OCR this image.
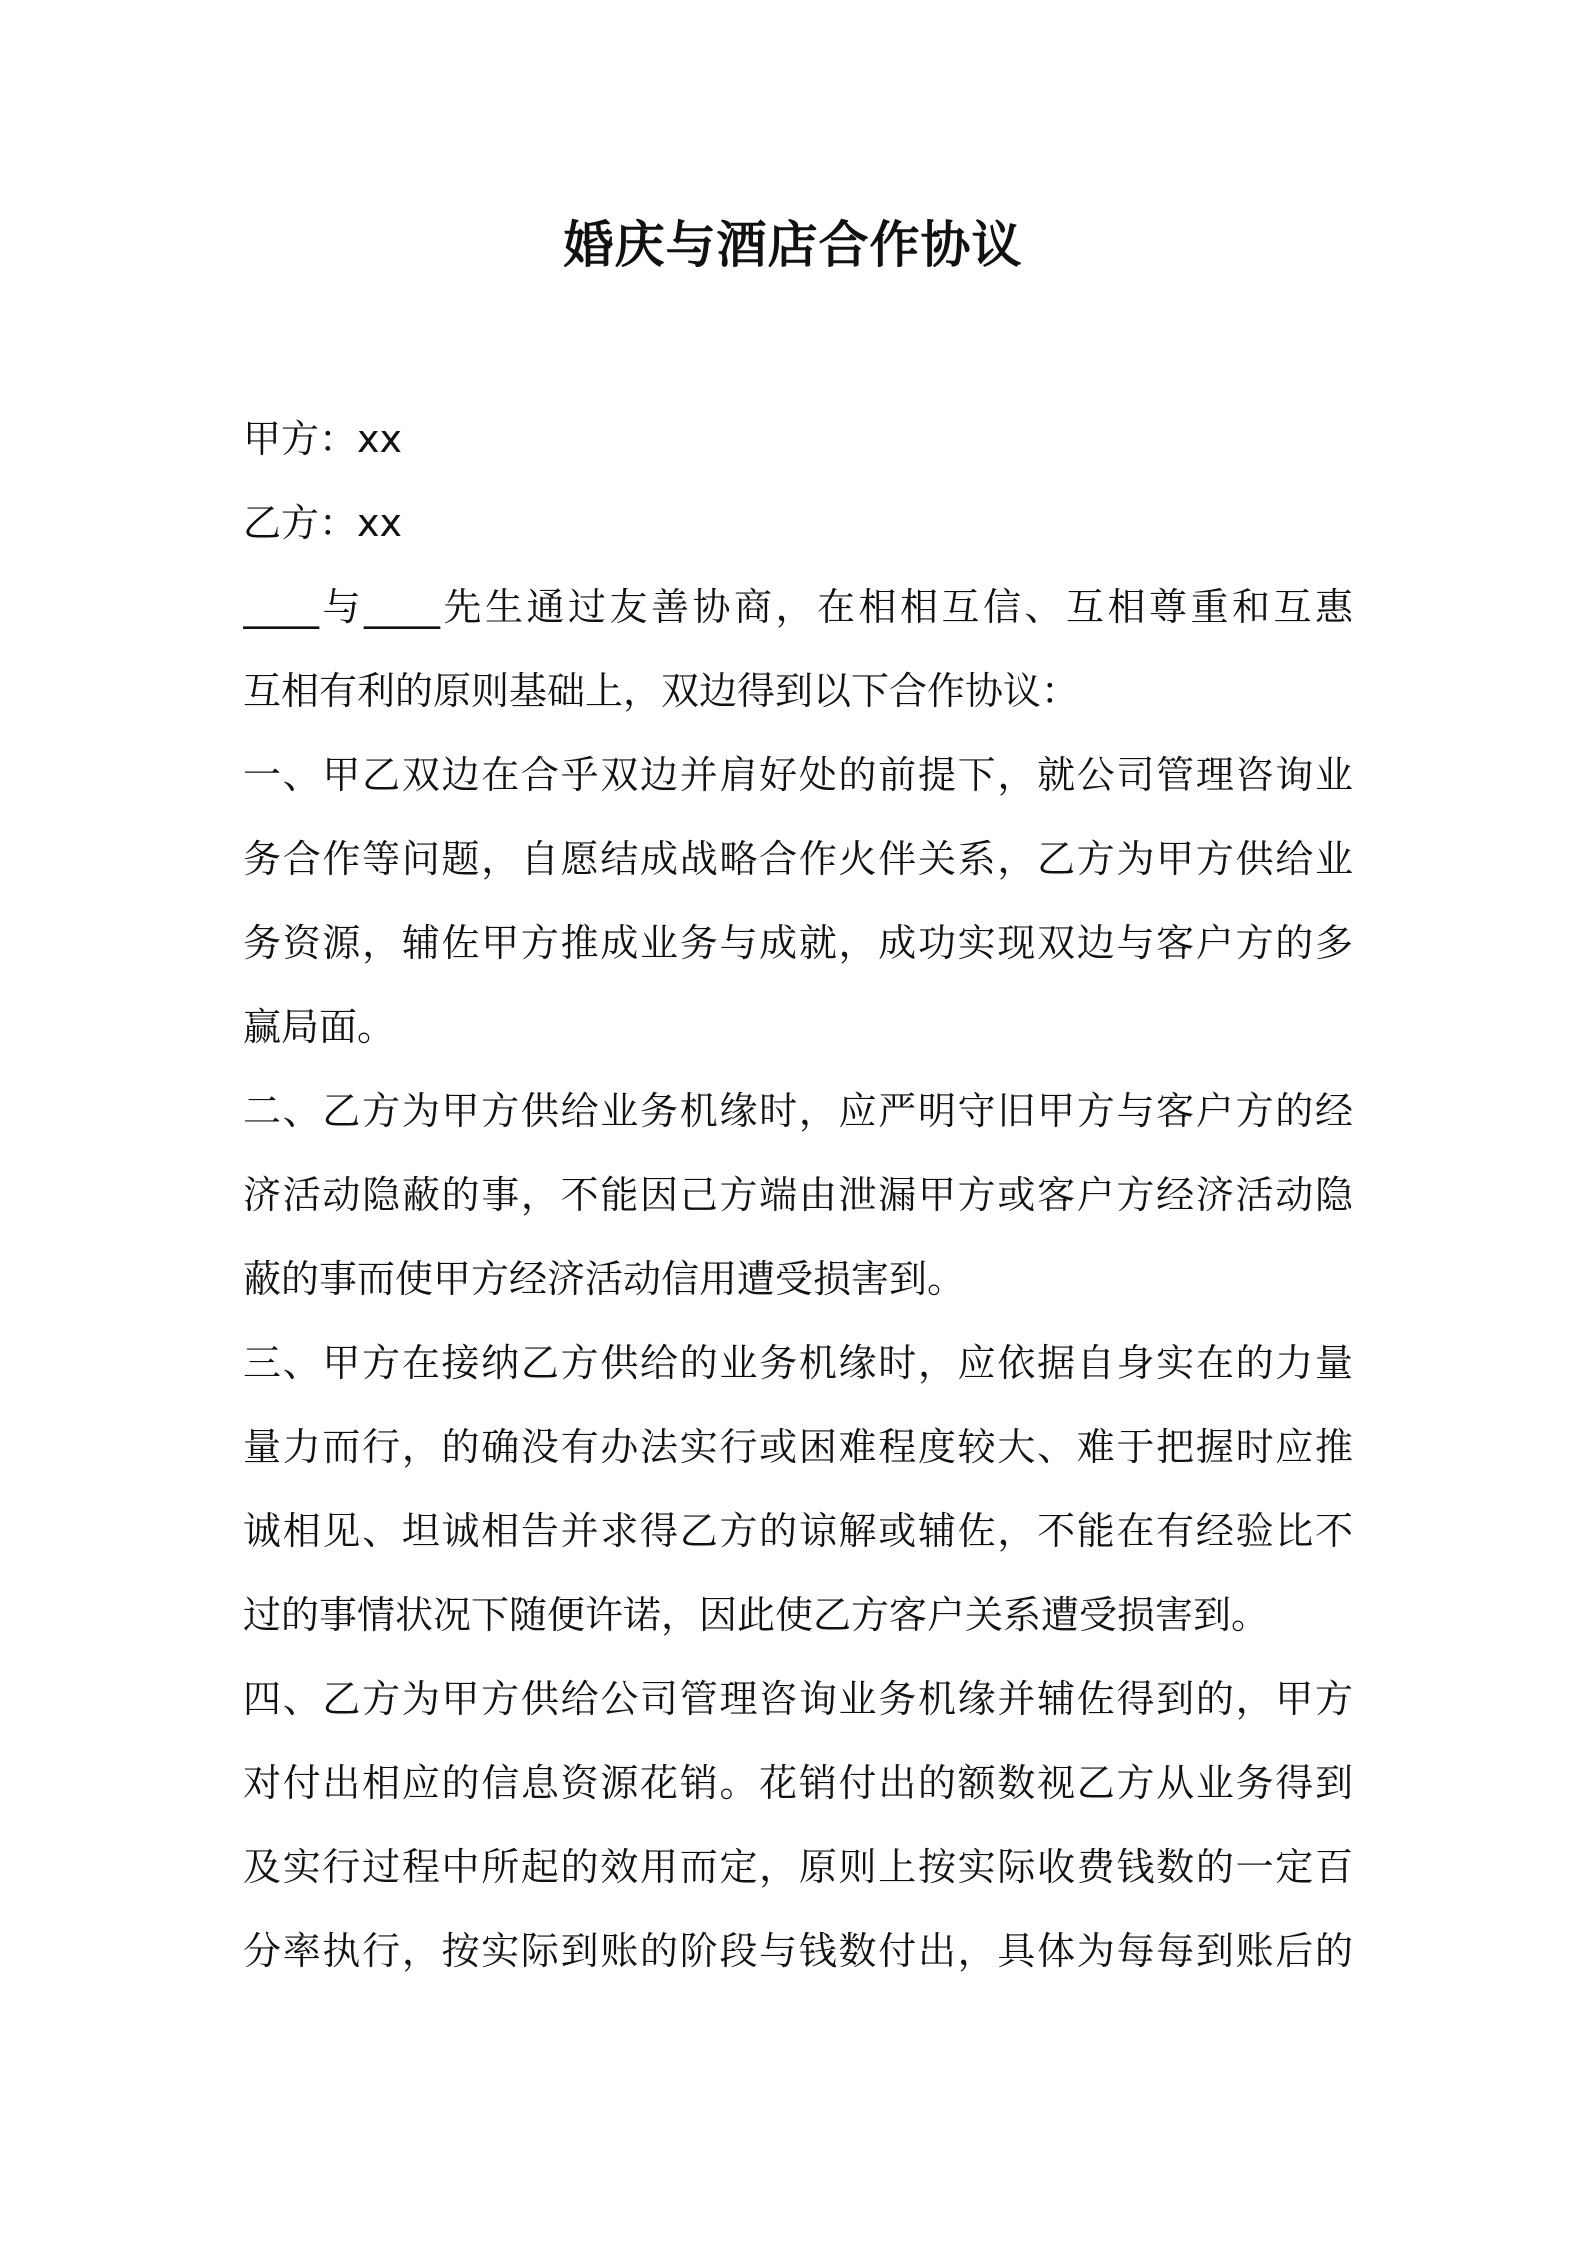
婚庆与酒店合作协议
甲方：xx
乙方：xx
____与____先生通过友善协商，在相相互信、互相尊重和互惠
互相有利的原则基础上，双边得到以下合作协议：
一、甲乙双边在合乎双边并肩好处的前提下，就公司管理咨询业
务合作等问题，自愿结成战略合作火伴关系，乙方为甲方供给业
务资源，辅佐甲方推成业务与成就，成功实现双边与客户方的多
赢局面。
二、乙方为甲方供给业务机缘时，应严明守旧甲方与客户方的经
济活动隐蔽的事，不能因己方端由泄漏甲方或客户方经济活动隐
蔽的事而使甲方经济活动信用遭受损害到。
三、甲方在接纳乙方供给的业务机缘时，应依据自身实在的力量
量力而行，的确没有办法实行或困难程度较大、难于把握时应推
诚相见、坦诚相告并求得乙方的谅解或辅佐，不能在有经验比不
过的事情状况下随便许诺，因此使乙方客户关系遭受损害到。
四、乙方为甲方供给公司管理咨询业务机缘并辅佐得到的，甲方
对付出相应的信息资源花销。花销付出的额数视乙方从业务得到
及实行过程中所起的效用而定，原则上按实际收费钱数的一定百
分率执行，按实际到账的阶段与钱数付出，具体为每每到账后的
